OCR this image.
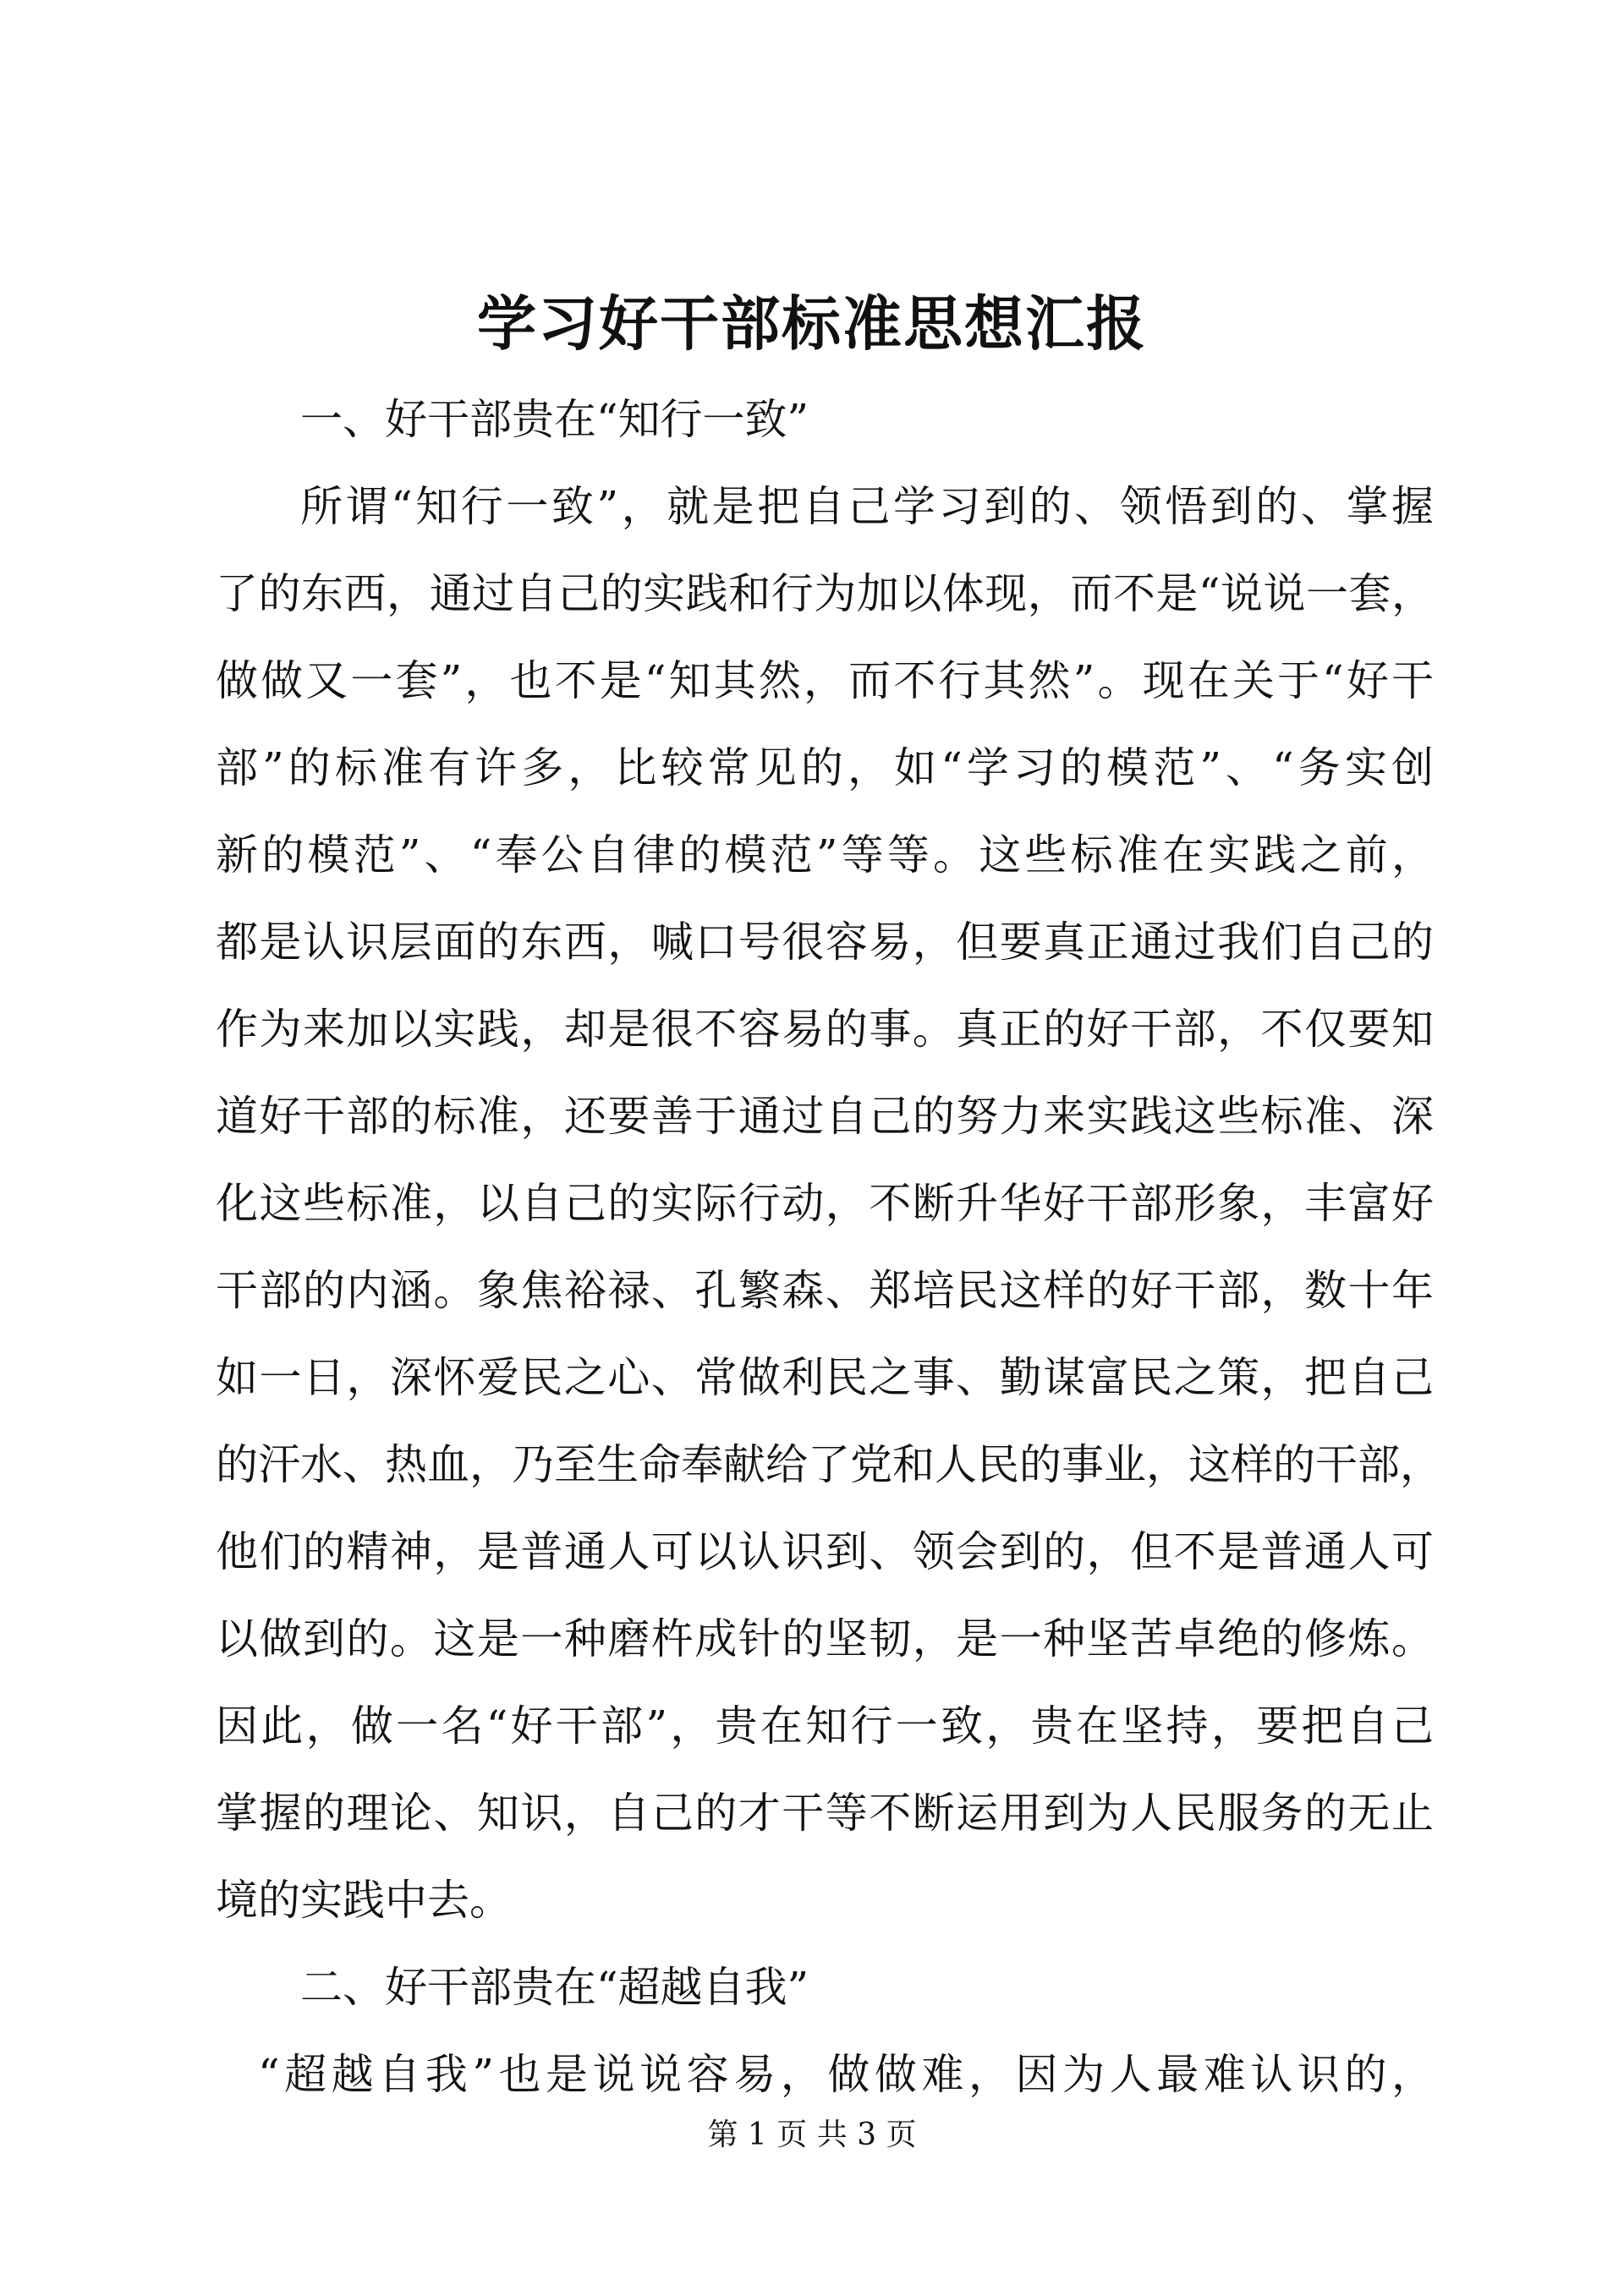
学习好干部标准思想汇报
一、好干部贵在“知行一致”
所谓“知行一致”，就是把自己学习到的、领悟到的、掌握
了的东西，通过自己的实践和行为加以体现，而不是“说说一套，
做做又一套”，也不是“知其然，而不行其然”。现在关于“好干
部”的标准有许多，比较常见的，如“学习的模范”、“务实创
新的模范”、“奉公自律的模范”等等。这些标准在实践之前，
都是认识层面的东西，喊口号很容易，但要真正通过我们自己的
作为来加以实践，却是很不容易的事。真正的好干部，不仅要知
道好干部的标准，还要善于通过自己的努力来实践这些标准、深
化这些标准，以自己的实际行动，不断升华好干部形象，丰富好
干部的内涵。象焦裕禄、孔繁森、郑培民这样的好干部，数十年
如一日，深怀爱民之心、常做利民之事、勤谋富民之策，把自己
的汗水、热血，乃至生命奉献给了党和人民的事业，这样的干部，
他们的精神，是普通人可以认识到、领会到的，但不是普通人可
以做到的。这是一种磨杵成针的坚韧，是一种坚苦卓绝的修炼。
因此，做一名“好干部”，贵在知行一致，贵在坚持，要把自己
掌握的理论、知识，自己的才干等不断运用到为人民服务的无止
境的实践中去。
二、好干部贵在“超越自我”
“超越自我”也是说说容易，做做难，因为人最难认识的，
第 1 页 共 3 页
